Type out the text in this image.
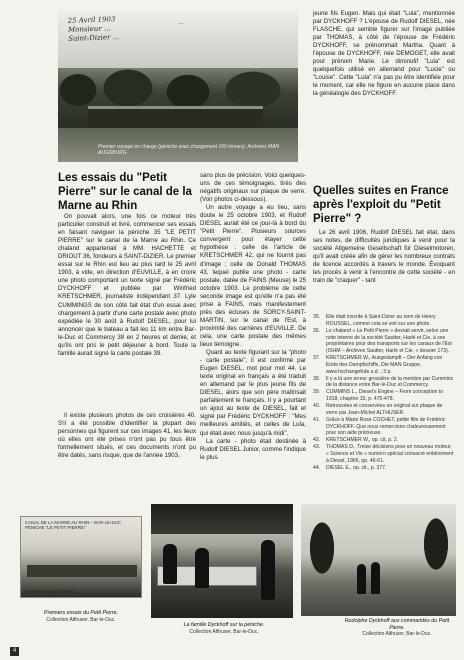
25 Avril 1903
Monsieur ...
Saint-Dizier ...
...
Premier voyage en charge (péniche avec chargement 160 tonnes). Archives MAN AUGSBURG

jeune fils Eugen. Mais qui était "Lula", mentionnée par DYCKHOFF ? L'épouse de Rudolf DIESEL, née FLASCHE, qui semble figurer sur l'image publiée par THOMAS, à côté de l'épouse de Frédéric DYCKHOFF, se prénommait Martha. Quant à l'épouse de DYCKHOFF, née DEMOGET, elle avait pour prénom Marie. Le diminutif "Lula" est quelquefois utilisé en allemand pour "Lucie" ou "Louise". Cette "Lula" n'a pas pu être identifiée pour le moment, car elle ne figure en aucune place dans la généalogie des DYCKHOFF.

Les essais du "Petit Pierre" sur le canal de la Marne au Rhin

On pouvait alors, une fois ce moteur très particulier construit et livré, commencer ses essais en faisant naviguer la péniche 35 "LE PETIT PIERRE" sur le canal de la Marne au Rhin. Ce chaland appartenait à MM. HACHETTE et DRIOUT 36, fondeurs à SAINT-DIZIER. Le premier essai sur le Rhin eut lieu au plus tard le 25 avril 1903, à vide, en direction d'EUVILLE, à en croire une photo comportant un texte signé par Frédéric DYCKHOFF et publiée par Winfried KRETSCHMER, journaliste indépendant 37. Lyle CUMMINGS de son côté fait état d'un essai avec chargement à partir d'une carte postale avec photo expédiée le 30 août à Rudolf DIESEL, pour lui annoncer que le bateau a fait les 11 km entre Bar-le-Duc et Commercy 38 en 2 heures et demie, et qu'ils ont pris le petit déjeuner à bord. Toute la famille aurait signé la carte postale 39.

Il existe plusieurs photos de ces croisières 40. S'il a été possible d'identifier la plupart des personnes qui figurent sur ces images 41, les lieux où elles ont été prises n'ont pas pu tous être formellement situés, et ces documents n'ont pu être datés, sans risque, que de l'année 1903,

sans plus de précision. Voici quelques-uns de ces témoignages, tirés des négatifs originaux sur plaque de verre. (Voir photos ci-dessous).

Un autre voyage a eu lieu, sans doute le 25 octobre 1903, et Rudolf DIESEL aurait été ce jour-là à bord du "Petit Pierre". Plusieurs sources convergent pour étayer cette hypothèse : celle de l'article de KRETSCHMER 42, qui ne fournit pas d'image ; celle de Donald THOMAS 43, lequel publie une photo - carte postale, datée de FAINS (Meuse) le 25 octobre 1903. Le problème de cette seconde image est qu'elle n'a pas été prise à FAINS, mais manifestement près des écluses de SORCY-SAINT-MARTIN, sur le canal de l'Est, à proximité des carrières d'EUVILLE. De cela, une carte postale des mêmes lieux témoigne.

Quant au texte figurant sur la "photo - carte postale", il est confirmé par Eugen DIESEL, mot pour mot 44. Le texte original en français a été traduit en allemand par le plus jeune fils de DIESEL, alors que son père maîtrisait parfaitement le français. Il y a pourtant un ajout au texte de DIESEL, fait et signé par Frédéric DYCKHOFF : "Mes meilleures amitiés, et celles de Lula, qui était avec nous jusqu'à midi".

La carte - photo était destinée à Rudolf DIESEL Junior, comme l'indique le plus

Quelles suites en France après l'exploit du "Petit Pierre" ?

Le 26 avril 1906, Rudolf DIESEL fait état, dans ses notes, de difficultés juridiques à venir pour la société Allgemeine Gesellschaft für Dieselmotoren, qu'il avait créée afin de gérer les nombreux contrats de licence accordés à travers le monde. Évoquant les procès à venir à l'encontre de cette société - en train de "craquer" - tant

35.	Elle était inscrite à Saint-Dizier au nom de Henry ROUSSEL, comme cela se voit sur une photo.
36.	Le chaland « Le Petit Pierre » devrait servir, selon une note interne de la société Sautter, Harlé et Cie, à ses propriétaires pour des transports sur les canaux de l'Est (ISHM – Archives Sautter, Harlé et Cie, « dossier 173).
37.	KRETSCHMER W., Ausgedampft – Der Anfang von Ende des Dampfschiffs, Die MAN Gruppe, www.hxchangeKde.s.d. ; 3 p.
38.	Il y a là une erreur grossière de la mention par Cummins de la distance entre Bar-le-Duc et Commercy.
39.	CUMMINS L., Diesel's Engine – From conception to 1918, chapitre 15, p. 475-478.
40.	Retrouvées et conservées en original sur plaque de verre par Jean-Michel ALTHUSER.
41.	Grâce à Marie Rose COCHET, petite fille de Frédéric DYCKHOFF. Que nous remercions chaleureusement pour son aide précieuse.
42.	KRETSCHMER W., op. cit, p. 2.
43.	THOMAS D., Treize décisions pour un nouveau moteur, « Science et Vie » numéro spécial consacré entièrement à Diesel, 1966, pp. 46-61.
44.	DIESEL E., op. cit., p. 377.
CANAL DE LA MARNE AU RHIN – BAR-LE-DUC
PÉNICHE "LE PETIT PIERRE"
Péniche à Moteur "Diesel" ...
Premiers essais du Petit Pierre.
Collection Althuser, Bar-le-Duc.
La famille Dyckhoff sur la péniche.
Collection Althuser, Bar-le-Duc.
Rudolphe Dyckhoff aux commandes du Petit Pierre.
Collection Althuser, Bar-le-Duc.
4
